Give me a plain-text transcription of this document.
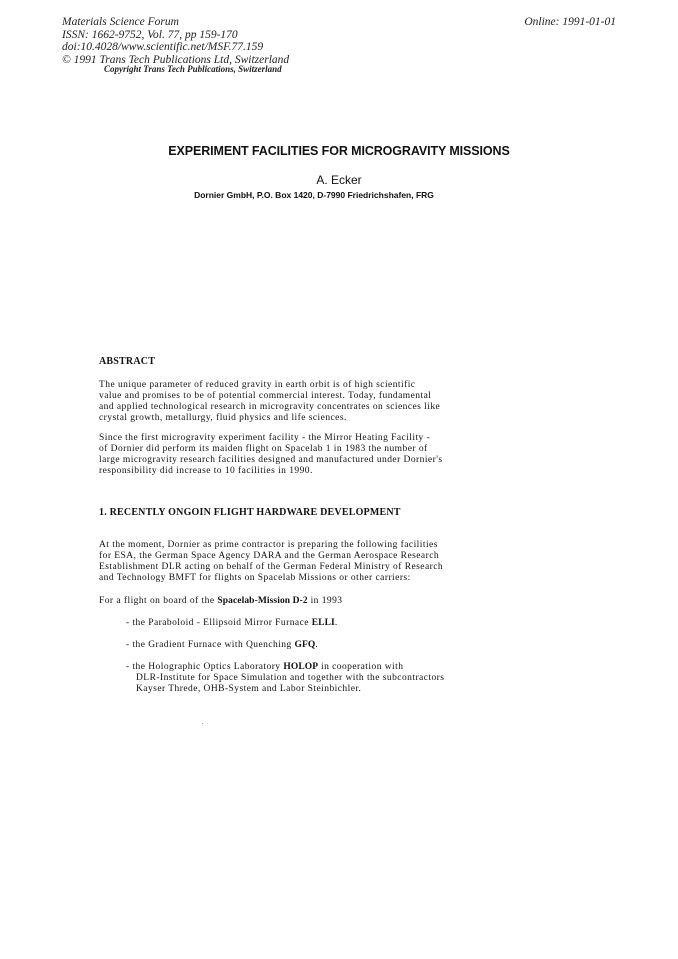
Materials Science Forum
ISSN: 1662-9752, Vol. 77, pp 159-170
doi:10.4028/www.scientific.net/MSF.77.159
© 1991 Trans Tech Publications Ltd, Switzerland
Online: 1991-01-01
Copyright Trans Tech Publications, Switzerland
EXPERIMENT FACILITIES FOR MICROGRAVITY MISSIONS
A. Ecker
Dornier GmbH, P.O. Box 1420, D-7990 Friedrichshafen, FRG
ABSTRACT
The unique parameter of reduced gravity in earth orbit is of high scientific
value and promises to be of potential commercial interest. Today, fundamental
and applied technological research in microgravity concentrates on sciences like
crystal growth, metallurgy, fluid physics and life sciences.
Since the first microgravity experiment facility - the Mirror Heating Facility -
of Dornier did perform its maiden flight on Spacelab 1 in 1983 the number of
large microgravity research facilities designed and manufactured under Dornier's
responsibility did increase to 10 facilities in 1990.
1. RECENTLY ONGOIN FLIGHT HARDWARE DEVELOPMENT
At the moment, Dornier as prime contractor is preparing the following facilities
for ESA, the German Space Agency DARA and the German Aerospace Research
Establishment DLR acting on behalf of the German Federal Ministry of Research
and Technology BMFT for flights on Spacelab Missions or other carriers:
For a flight on board of the Spacelab-Mission D-2 in 1993
- the Paraboloid - Ellipsoid Mirror Furnace ELLI.
- the Gradient Furnace with Quenching GFQ.
- the Holographic Optics Laboratory HOLOP in cooperation with
DLR-Institute for Space Simulation and together with the subcontractors
Kayser Threde, OHB-System and Labor Steinbichler.
